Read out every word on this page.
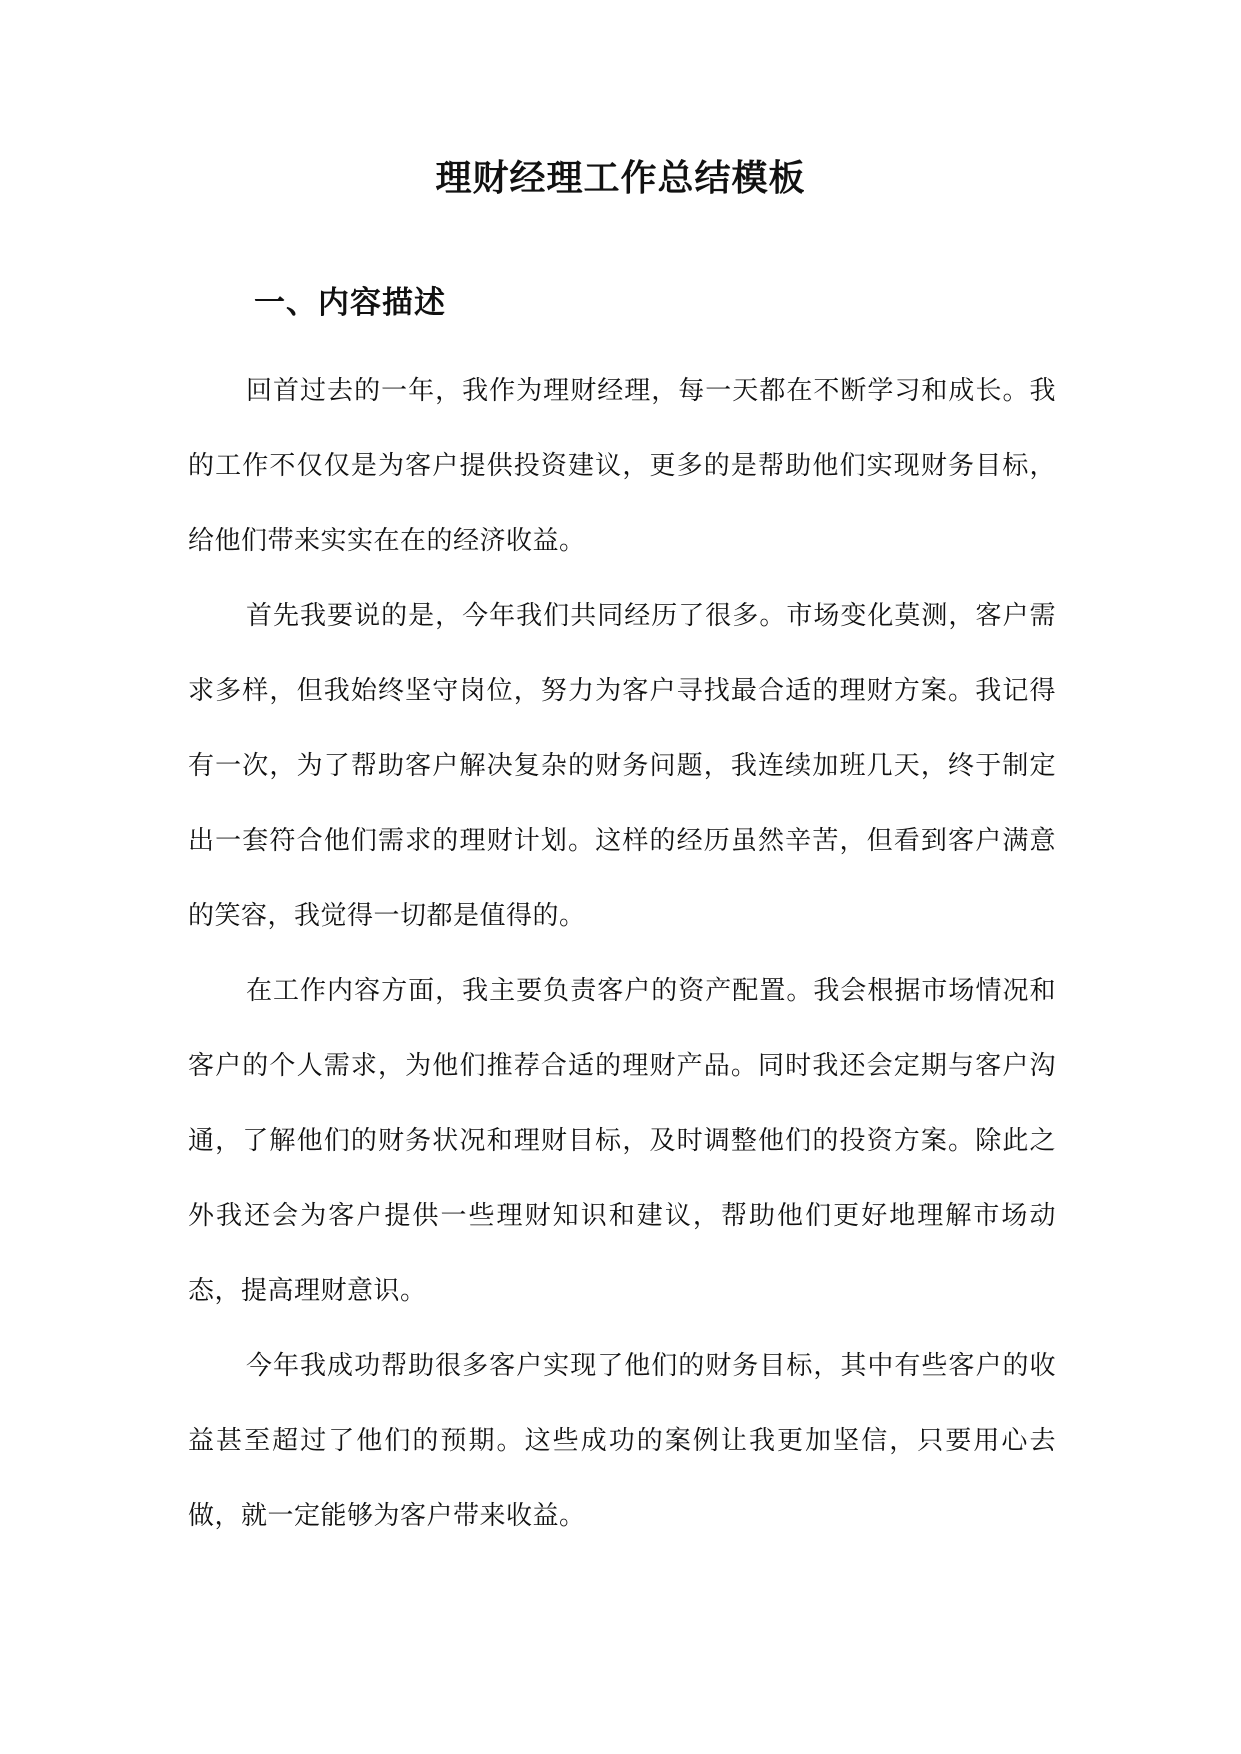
理财经理工作总结模板
一、内容描述

回首过去的一年，我作为理财经理，每一天都在不断学习和成长。我的工作不仅仅是为客户提供投资建议，更多的是帮助他们实现财务目标，给他们带来实实在在的经济收益。

首先我要说的是，今年我们共同经历了很多。市场变化莫测，客户需求多样，但我始终坚守岗位，努力为客户寻找最合适的理财方案。我记得有一次，为了帮助客户解决复杂的财务问题，我连续加班几天，终于制定出一套符合他们需求的理财计划。这样的经历虽然辛苦，但看到客户满意的笑容，我觉得一切都是值得的。

在工作内容方面，我主要负责客户的资产配置。我会根据市场情况和客户的个人需求，为他们推荐合适的理财产品。同时我还会定期与客户沟通，了解他们的财务状况和理财目标，及时调整他们的投资方案。除此之外我还会为客户提供一些理财知识和建议，帮助他们更好地理解市场动态，提高理财意识。

今年我成功帮助很多客户实现了他们的财务目标，其中有些客户的收益甚至超过了他们的预期。这些成功的案例让我更加坚信，只要用心去做，就一定能够为客户带来收益。
